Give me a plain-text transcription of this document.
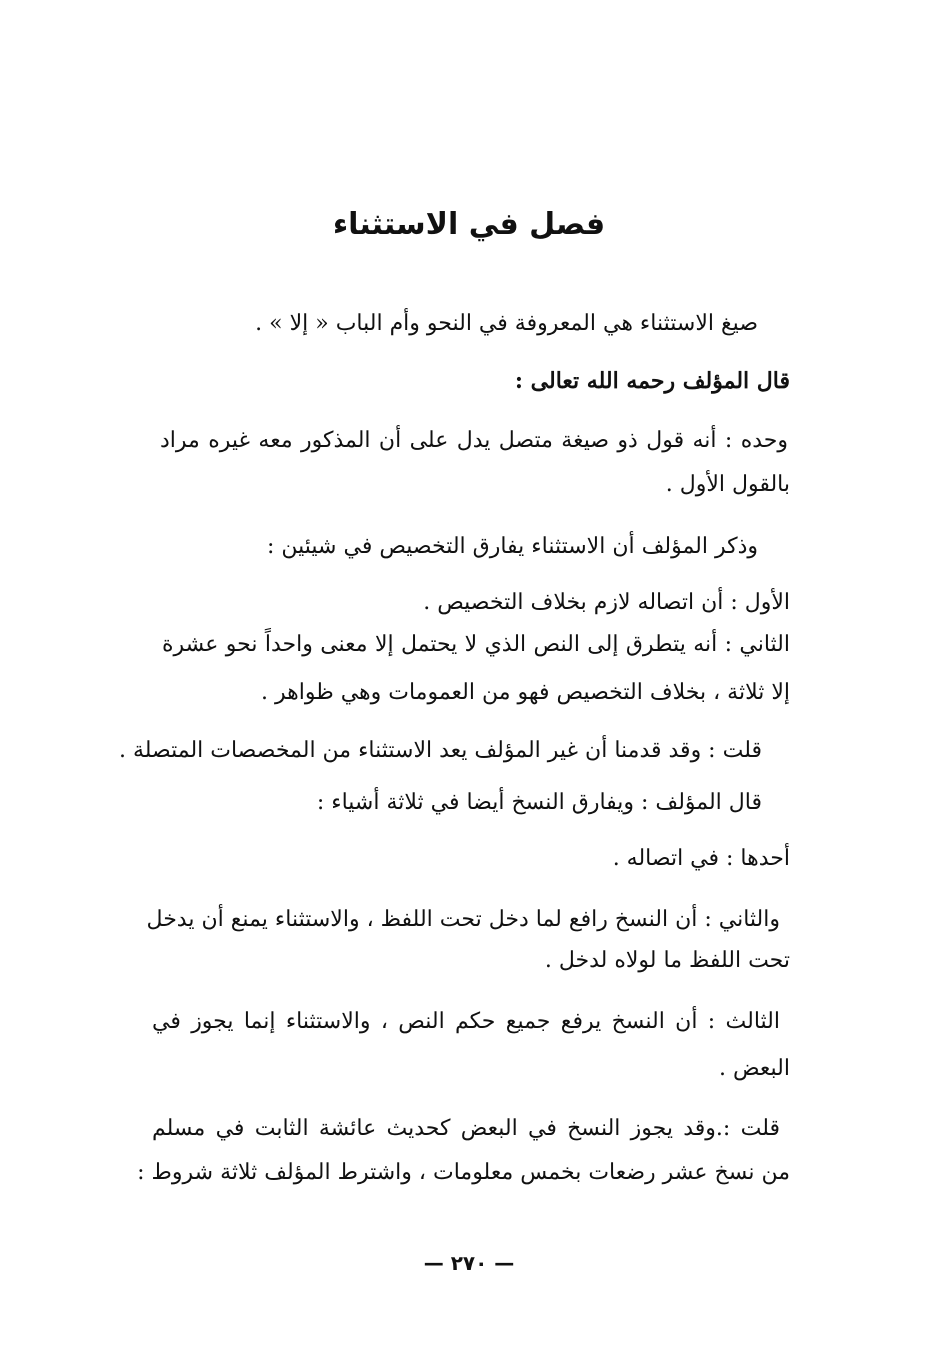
فصل في الاستثناء
صيغ الاستثناء هي المعروفة في النحو وأم الباب « إلا » .
قال المؤلف رحمه الله تعالى :
وحده : أنه قول ذو صيغة متصل يدل على أن المذكور معه غيره مراد
بالقول الأول .
وذكر المؤلف أن الاستثناء يفارق التخصيص في شيئين :
الأول : أن اتصاله لازم بخلاف التخصيص .
الثاني : أنه يتطرق إلى النص الذي لا يحتمل إلا معنى واحداً نحو عشرة
إلا ثلاثة ، بخلاف التخصيص فهو من العمومات وهي ظواهر .
قلت : وقد قدمنا أن غير المؤلف يعد الاستثناء من المخصصات المتصلة .
قال المؤلف : ويفارق النسخ أيضا في ثلاثة أشياء :
أحدها : في اتصاله .
والثاني : أن النسخ رافع لما دخل تحت اللفظ ، والاستثناء يمنع أن يدخل
تحت اللفظ ما لولاه لدخل .
الثالث : أن النسخ يرفع جميع حكم النص ، والاستثناء إنما يجوز في
البعض .
قلت :.وقد يجوز النسخ في البعض كحديث عائشة الثابت في مسلم
من نسخ عشر رضعات بخمس معلومات ، واشترط المؤلف ثلاثة شروط :
— ٢٧٠ —
